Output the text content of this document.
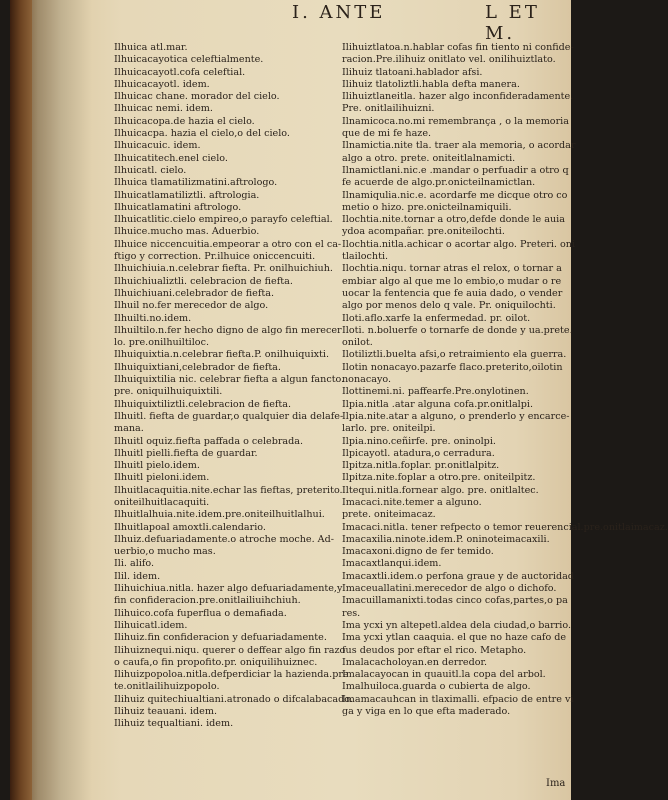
I. ANTE	L ET M.

Ilhuica atl.mar.

Ilhuicacayotica celeftialmente.

Ilhuicacayotl.cofa celeftial.

Ilhuicacayotl. idem.

Ilhuicac chane. morador del cielo.

Ilhuicac nemi. idem.

Ilhuicacopa.de hazia el cielo.

Ilhuicacpa. hazia el cielo,o del cielo.

Ilhuicacuic. idem.

Ilhuicatitech.enel cielo.

Ilhuicatl. cielo.

Ilhuica tlamatilizmatini.aftrologo.

Ilhuicatlamatiliztli. aftrologia.

Ilhuicatlamatini aftrologo.

Ilhuicatlitic.cielo empireo,o parayfo celeftial.

Ilhuice.mucho mas. Aduerbio.

Ilhuice niccencuitia.empeorar a otro con el ca-

ftigo y correction. Pr.ilhuice oniccencuiti.

Ilhuichiuia.n.celebrar fiefta. Pr. onilhuichiuh.

Ilhuichiualiztli. celebracion de fiefta.

Ilhuichiuani.celebrador de fiefta.

Ilhuil no.fer merecedor de algo.

Ilhuilti.no.idem.

Ilhuiltilo.n.fer hecho digno de algo fin merecer

lo. pre.onilhuiltiloc.

Ilhuiquixtia.n.celebrar fiefta.P. onilhuiquixti.

Ilhuiquixtiani,celebrador de fiefta.

Ilhuiquixtilia nic. celebrar fiefta a algun fancto.

pre. oniquilhuiquixtili.

Ilhuiquixtiliztli.celebracion de fiefta.

Ilhuitl. fiefta de guardar,o qualquier dia delafe-

mana.

Ilhuitl oquiz.fiefta paffada o celebrada.

Ilhuitl pielli.fiefta de guardar.

Ilhuitl pielo.idem.

Ilhuitl pieloni.idem.

Ilhuitlacaquitia.nite.echar las fieftas, preterito.

oniteilhuitlacaquiti.

Ilhuitlalhuia.nite.idem.pre.oniteilhuitlalhui.

Ilhuitlapoal amoxtli.calendario.

Ilhuiz.defuariadamente.o atroche moche. Ad-

uerbio,o mucho mas.

Ili. alifo.

Ilil. idem.

Ilihuichiua.nitla. hazer algo defuariadamente,y

fin confideracion.pre.onitlailiuihchiuh.

Ilihuico.cofa fuperflua o demafiada.

Ilihuicatl.idem.

Ilihuiz.fin confideracion y defuariadamente.

Ilihuiznequi.niqu. querer o deffear algo fin razo

o caufa,o fin propofito.pr. oniquilihuiznec.

Ilihuizpopoloa.nitla.defperdiciar la hazienda.pre

te.onitlailihuizpopolo.

Ilihuiz quitechiualtiani.atronado o difcalabacado.

Ilihuiz teauani. idem.

Ilihuiz tequaltiani. idem.

Ilihuiztlatoa.n.hablar cofas fin tiento ni confide-

racion.Pre.ilihuiz onitlato vel. onilihuiztlato.

Ilihuiz tlatoani.hablador afsi.

Ilihuiz tlatoliztli.habla defta manera.

Ilihuiztlaneitla. hazer algo inconfideradamente.

Pre. onitlailihuizni.

Ilnamicoca.no.mi remembrança , o la memoria

que de mi fe haze.

Ilnamictia.nite tla. traer ala memoria, o acordar

algo a otro. prete. oniteitlalnamicti.

Ilnamictlani.nic.e .mandar o perfuadir a otro q

fe acuerde de algo.pr.onicteilnamictlan.

Ilnamiqulia.nic.e. acordarfe me dicque otro co

metio o hizo. pre.onicteilnamiquili.

Ilochtia.nite.tornar a otro,defde donde le auia

ydoa acompañar. pre.oniteilochti.

Ilochtia.nitla.achicar o acortar algo. Preteri. oni

tlailochti.

Ilochtia.niqu. tornar atras el relox, o tornar a

embiar algo al que me lo embio,o mudar o re

uocar la fentencia que fe auia dado, o vender

algo por menos delo q vale. Pr. oniquilochti.

Iloti.aflo.xarfe la enfermedad. pr. oilot.

Iloti. n.boluerfe o tornarfe de donde y ua.prete.

onilot.

Ilotiliztli.buelta afsi,o retraimiento ela guerra.

Ilotin nonacayo.pazarfe flaco.preterito,oilotin

nonacayo.

Ilottinemi.ni. paffearfe.Pre.onylotinen.

Ilpia.nitla .atar alguna cofa.pr.onitlalpi.

Ilpia.nite.atar a alguno, o prenderlo y encarce-

larlo. pre. oniteilpi.

Ilpia.nino.ceñirfe. pre. oninolpi.

Ilpicayotl. atadura,o cerradura.

Ilpitza.nitla.foplar. pr.onitlalpitz.

Ilpitza.nite.foplar a otro.pre. oniteilpitz.

Iltequi.nitla.fornear algo. pre. onitlaltec.

Imacaci.nite.temer a alguno.

prete. oniteimacaz.

Imacaci.nitla. tener refpecto o temor reuerencial.pre.onitlaimacaz.

Imacaxilia.ninote.idem.P. oninoteimacaxili.

Imacaxoni.digno de fer temido.

Imacaxtlanqui.idem.

Imacaxtli.idem.o perfona graue y de auctoridad

Imaceuallatini.merecedor de algo o dichofo.

Imacuillamanixti.todas cinco cofas,partes,o pa

res.

Ima ycxi yn altepetl.aldea dela ciudad,o barrio.

Ima ycxi ytlan caaquia. el que no haze cafo de

fus deudos por eftar el rico. Metapho.

Imalacacholoyan.en derredor.

Imalacayocan in quauitl.la copa del arbol.

Imalhuiloca.guarda o cubierta de algo.

Imamacauhcan in tlaximalli. efpacio de entre vi

ga y viga en lo que efta maderado.

Ima
